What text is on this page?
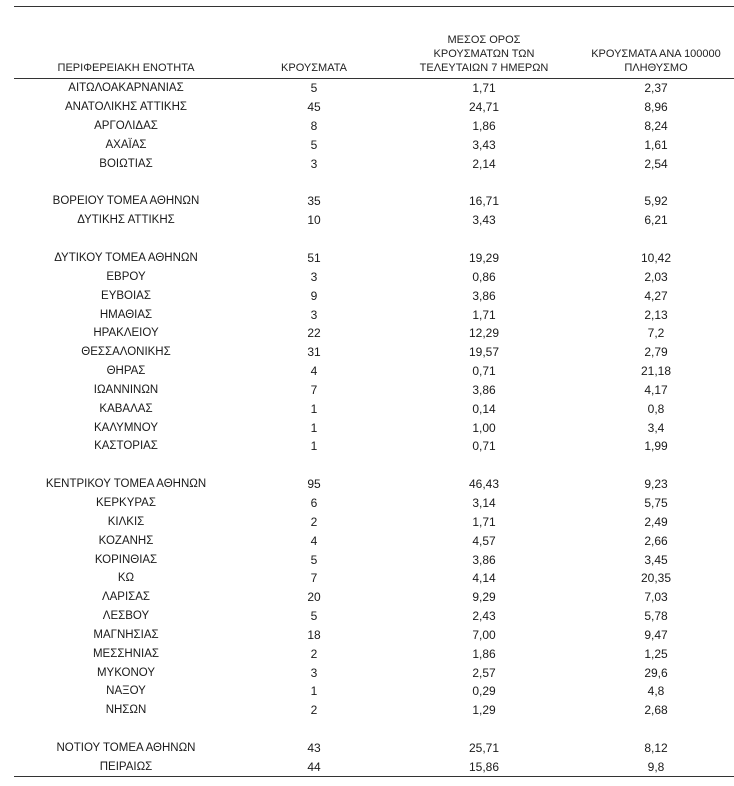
ΠΕΡΙΦΕΡΕΙΑΚΗ ΕΝΟΤΗΤΑ	ΚΡΟΥΣΜΑΤΑ	ΜΕΣΟΣ ΟΡΟΣ ΚΡΟΥΣΜΑΤΩΝ ΤΩΝ ΤΕΛΕΥΤΑΙΩΝ 7 ΗΜΕΡΩΝ	ΚΡΟΥΣΜΑΤΑ ΑΝΑ 100000 ΠΛΗΘΥΣΜΟ
ΑΙΤΩΛΟΑΚΑΡΝΑΝΙΑΣ	5	1,71	2,37
ΑΝΑΤΟΛΙΚΗΣ ΑΤΤΙΚΗΣ	45	24,71	8,96
ΑΡΓΟΛΙΔΑΣ	8	1,86	8,24
ΑΧΑΪΑΣ	5	3,43	1,61
ΒΟΙΩΤΙΑΣ	3	2,14	2,54

ΒΟΡΕΙΟΥ ΤΟΜΕΑ ΑΘΗΝΩΝ	35	16,71	5,92
ΔΥΤΙΚΗΣ ΑΤΤΙΚΗΣ	10	3,43	6,21

ΔΥΤΙΚΟΥ ΤΟΜΕΑ ΑΘΗΝΩΝ	51	19,29	10,42
ΕΒΡΟΥ	3	0,86	2,03
ΕΥΒΟΙΑΣ	9	3,86	4,27
ΗΜΑΘΙΑΣ	3	1,71	2,13
ΗΡΑΚΛΕΙΟΥ	22	12,29	7,2
ΘΕΣΣΑΛΟΝΙΚΗΣ	31	19,57	2,79
ΘΗΡΑΣ	4	0,71	21,18
ΙΩΑΝΝΙΝΩΝ	7	3,86	4,17
ΚΑΒΑΛΑΣ	1	0,14	0,8
ΚΑΛΥΜΝΟΥ	1	1,00	3,4
ΚΑΣΤΟΡΙΑΣ	1	0,71	1,99

ΚΕΝΤΡΙΚΟΥ ΤΟΜΕΑ ΑΘΗΝΩΝ	95	46,43	9,23
ΚΕΡΚΥΡΑΣ	6	3,14	5,75
ΚΙΛΚΙΣ	2	1,71	2,49
ΚΟΖΑΝΗΣ	4	4,57	2,66
ΚΟΡΙΝΘΙΑΣ	5	3,86	3,45
ΚΩ	7	4,14	20,35
ΛΑΡΙΣΑΣ	20	9,29	7,03
ΛΕΣΒΟΥ	5	2,43	5,78
ΜΑΓΝΗΣΙΑΣ	18	7,00	9,47
ΜΕΣΣΗΝΙΑΣ	2	1,86	1,25
ΜΥΚΟΝΟΥ	3	2,57	29,6
ΝΑΞΟΥ	1	0,29	4,8
ΝΗΣΩΝ	2	1,29	2,68

ΝΟΤΙΟΥ ΤΟΜΕΑ ΑΘΗΝΩΝ	43	25,71	8,12
ΠΕΙΡΑΙΩΣ	44	15,86	9,8
